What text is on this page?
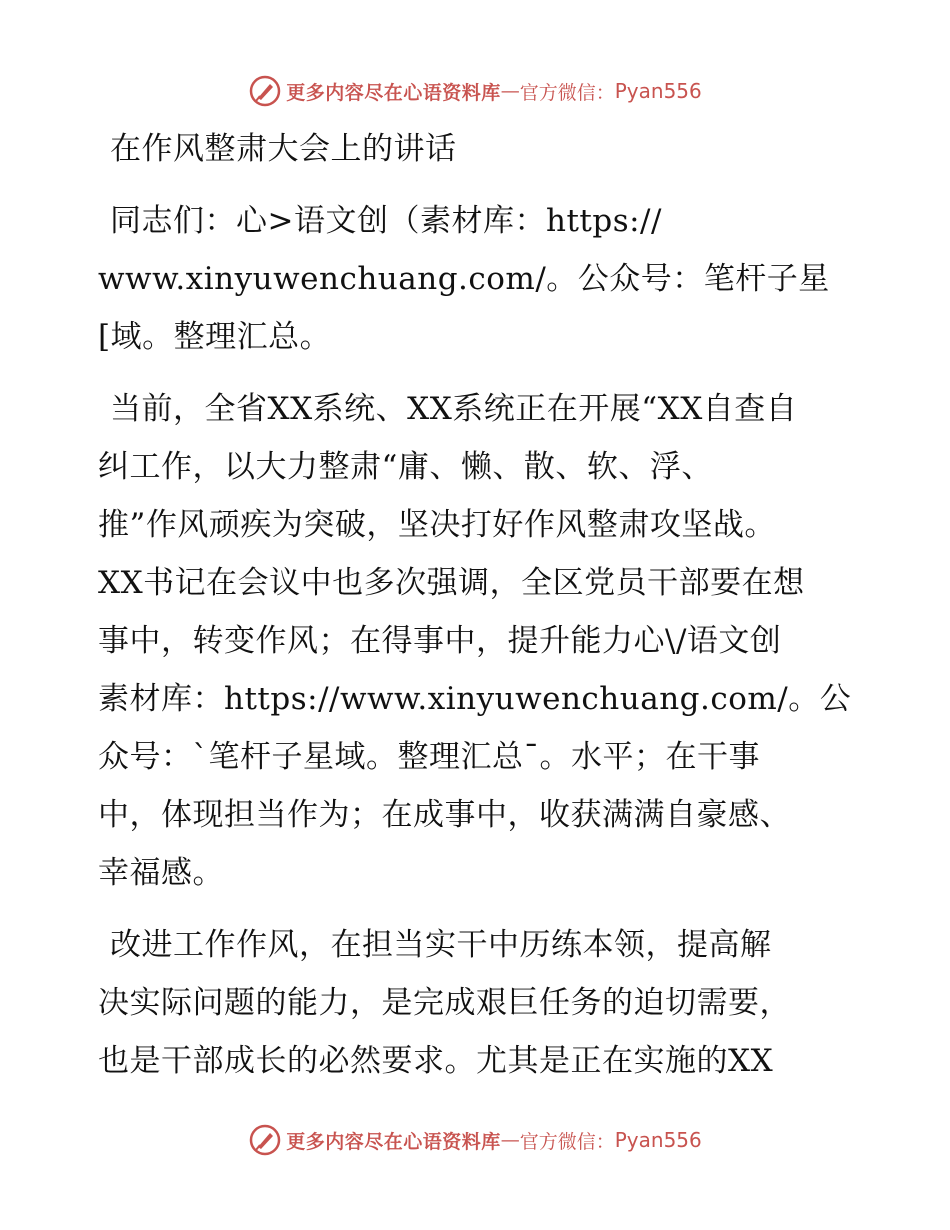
更多内容尽在心语资料库 — 官方微信： Pyan556
在作风整肃大会上的讲话
同志们：心>语文创（素材库：https://
www.xinyuwenchuang.com/。公众号：笔杆子星
[域。整理汇总。
当前，全省XX系统、XX系统正在开展“XX自查自
纠工作，以大力整肃“庸、懒、散、软、浮、
推”作风顽疾为突破，坚决打好作风整肃攻坚战。
XX书记在会议中也多次强调，全区党员干部要在想
事中，转变作风；在得事中，提升能力心\/语文创
素材库：https://www.xinyuwenchuang.com/。公
众号：`笔杆子星域。整理汇总¯。水平；在干事
中，体现担当作为；在成事中，收获满满自豪感、
幸福感。
改进工作作风，在担当实干中历练本领，提高解
决实际问题的能力，是完成艰巨任务的迫切需要，
也是干部成长的必然要求。尤其是正在实施的XX
更多内容尽在心语资料库 — 官方微信： Pyan556
